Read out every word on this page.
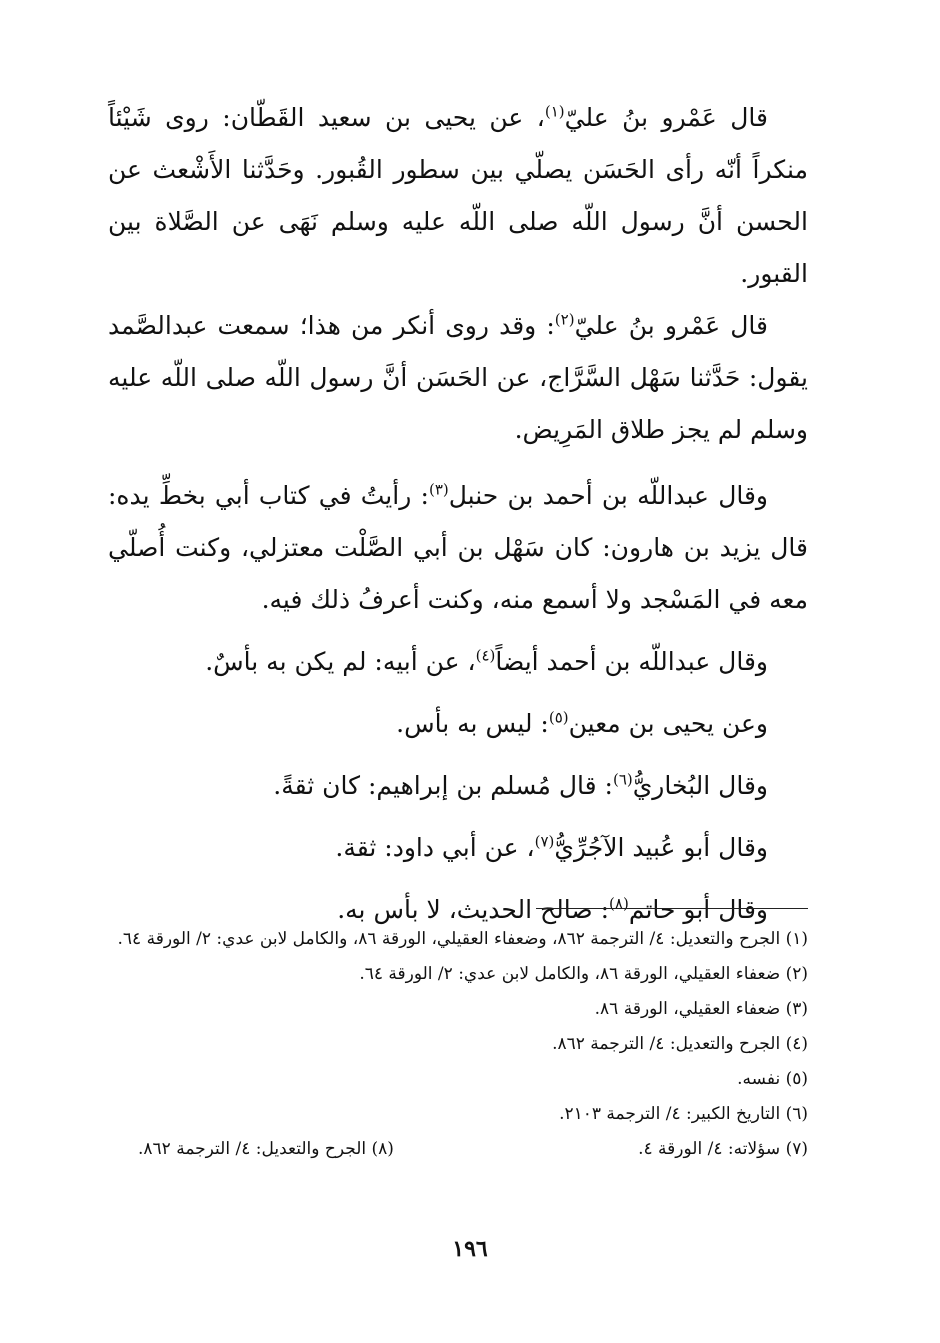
قال عَمْرو بنُ عليّ$^{(١)}$، عن يحيى بن سعيد القَطّان: روى شَيْئاً منكراً أنّه رأى الحَسَن يصلّي بين سطور القُبور. وحَدَّثنا الأَشْعث عن الحسن أنَّ رسول اللّه صلى اللّه عليه وسلم نَهَى عن الصَّلاة بين القبور.

قال عَمْرو بنُ عليّ$^{(٢)}$: وقد روى أنكر من هذا؛ سمعت عبدالصَّمد يقول: حَدَّثنا سَهْل السَّرَّاج، عن الحَسَن أنَّ رسول اللّه صلى اللّه عليه وسلم لم يجز طلاق المَرِيض.

وقال عبداللّه بن أحمد بن حنبل$^{(٣)}$: رأيتُ في كتاب أبي بخطِّ يده: قال يزيد بن هارون: كان سَهْل بن أبي الصَّلْت معتزلي، وكنت أُصلّي معه في المَسْجد ولا أسمع منه، وكنت أعرفُ ذلك فيه.

وقال عبداللّه بن أحمد أيضاً$^{(٤)}$، عن أبيه: لم يكن به بأسٌ.

وعن يحيى بن معين$^{(٥)}$: ليس به بأس.

وقال البُخاريُّ$^{(٦)}$: قال مُسلم بن إبراهيم: كان ثقةً.

وقال أبو عُبيد الآجُرِّيُّ$^{(٧)}$، عن أبي داود: ثقة.

وقال أبو حاتم$^{(٨)}$: صالح الحديث، لا بأس به.

(١) الجرح والتعديل: ٤/ الترجمة ٨٦٢، وضعفاء العقيلي، الورقة ٨٦، والكامل لابن عدي: ٢/ الورقة ٦٤.

(٢) ضعفاء العقيلي، الورقة ٨٦، والكامل لابن عدي: ٢/ الورقة ٦٤.

(٣) ضعفاء العقيلي، الورقة ٨٦.

(٤) الجرح والتعديل: ٤/ الترجمة ٨٦٢.

(٥) نفسه.

(٦) التاريخ الكبير: ٤/ الترجمة ٢١٠٣.

(٧) سؤلاته: ٤/ الورقة ٤.
(٨) الجرح والتعديل: ٤/ الترجمة ٨٦٢.
١٩٦
